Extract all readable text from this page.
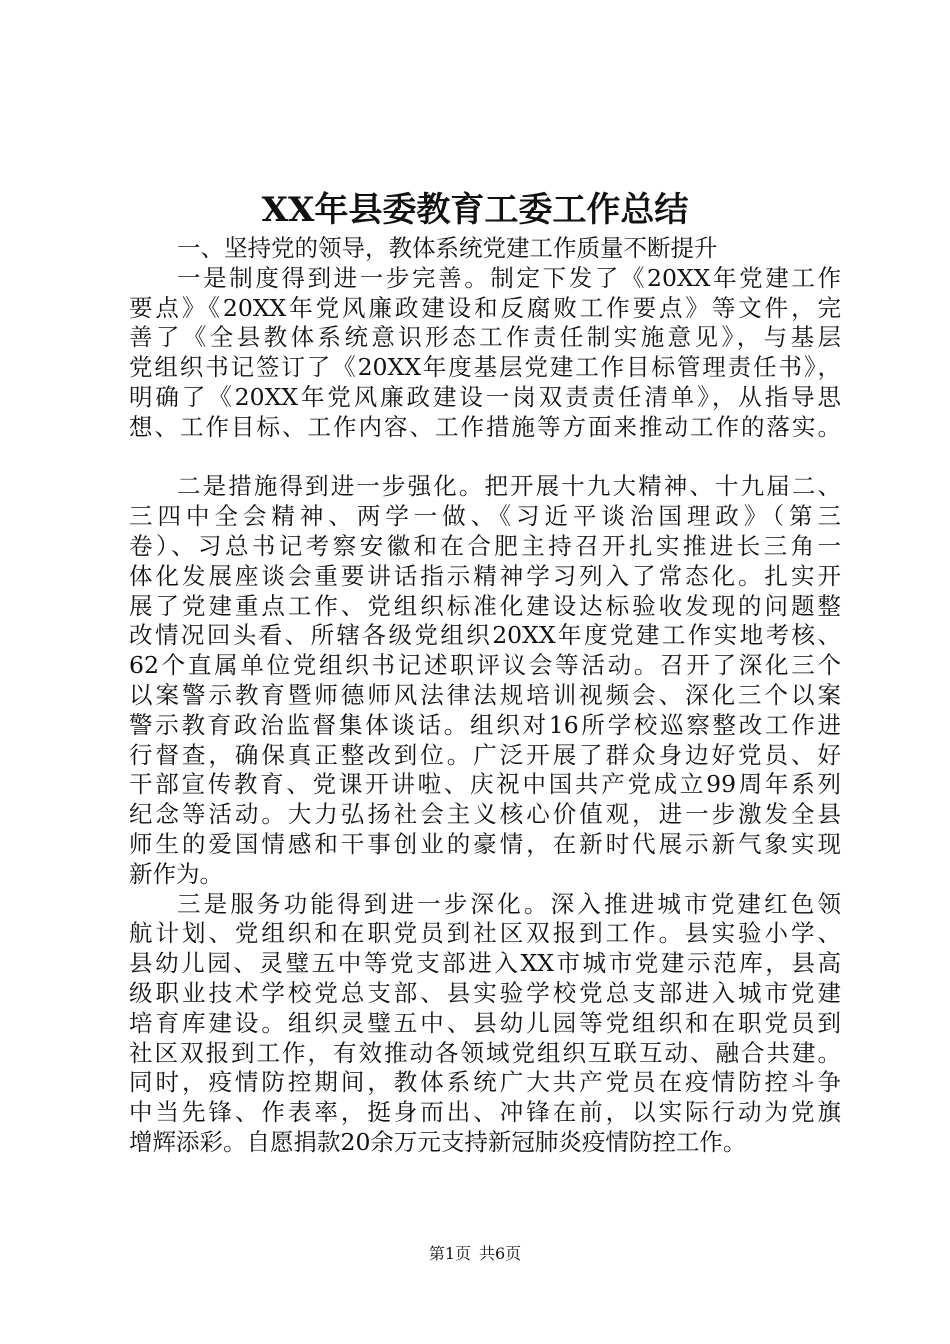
XX年县委教育工委工作总结
一、坚持党的领导，教体系统党建工作质量不断提升
一是制度得到进一步完善。制定下发了《20XX年党建工作
要点》《20XX年党风廉政建设和反腐败工作要点》等文件，完
善了《全县教体系统意识形态工作责任制实施意见》，与基层
党组织书记签订了《20XX年度基层党建工作目标管理责任书》，
明确了《20XX年党风廉政建设一岗双责责任清单》，从指导思
想、工作目标、工作内容、工作措施等方面来推动工作的落实。
二是措施得到进一步强化。把开展十九大精神、十九届二、
三四中全会精神、两学一做、《习近平谈治国理政》（第三
卷）、习总书记考察安徽和在合肥主持召开扎实推进长三角一
体化发展座谈会重要讲话指示精神学习列入了常态化。扎实开
展了党建重点工作、党组织标准化建设达标验收发现的问题整
改情况回头看、所辖各级党组织20XX年度党建工作实地考核、
62个直属单位党组织书记述职评议会等活动。召开了深化三个
以案警示教育暨师德师风法律法规培训视频会、深化三个以案
警示教育政治监督集体谈话。组织对16所学校巡察整改工作进
行督查，确保真正整改到位。广泛开展了群众身边好党员、好
干部宣传教育、党课开讲啦、庆祝中国共产党成立99周年系列
纪念等活动。大力弘扬社会主义核心价值观，进一步激发全县
师生的爱国情感和干事创业的豪情，在新时代展示新气象实现
新作为。
三是服务功能得到进一步深化。深入推进城市党建红色领
航计划、党组织和在职党员到社区双报到工作。县实验小学、
县幼儿园、灵璧五中等党支部进入XX市城市党建示范库，县高
级职业技术学校党总支部、县实验学校党总支部进入城市党建
培育库建设。组织灵璧五中、县幼儿园等党组织和在职党员到
社区双报到工作，有效推动各领域党组织互联互动、融合共建。
同时，疫情防控期间，教体系统广大共产党员在疫情防控斗争
中当先锋、作表率，挺身而出、冲锋在前，以实际行动为党旗
增辉添彩。自愿捐款20余万元支持新冠肺炎疫情防控工作。
第1页 共6页
